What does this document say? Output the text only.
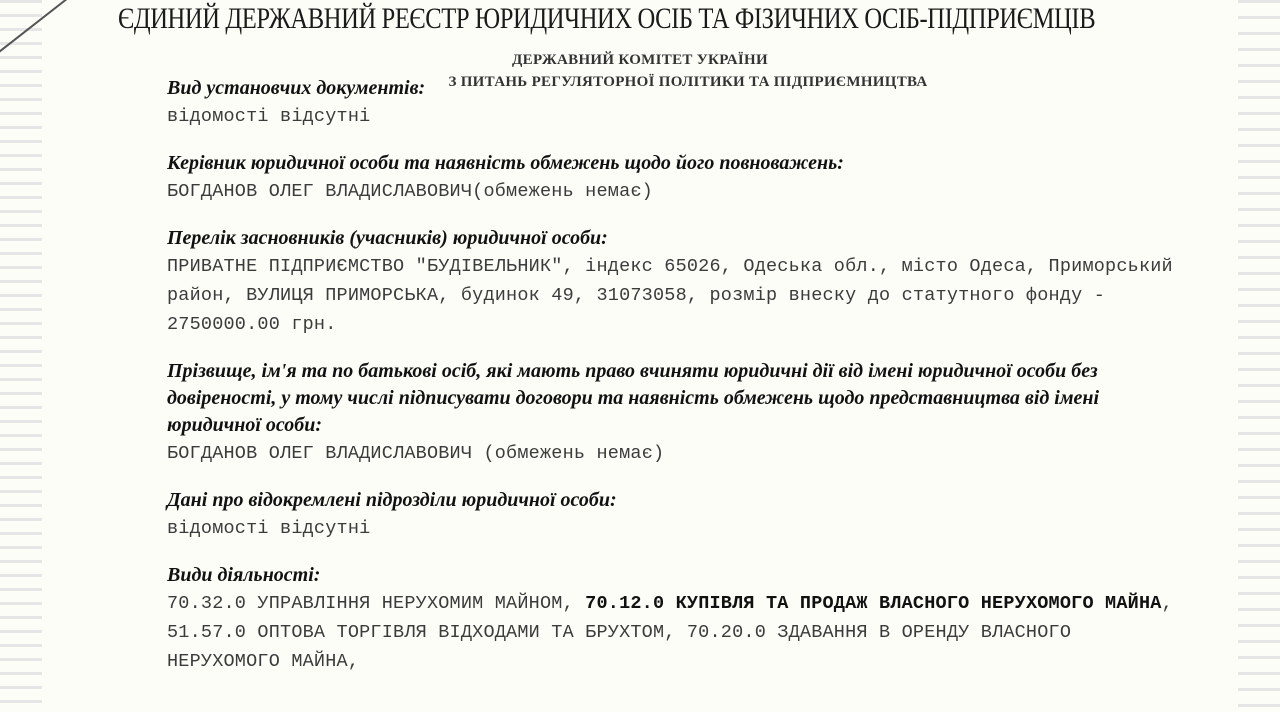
ЄДИНИЙ ДЕРЖАВНИЙ РЕЄСТР ЮРИДИЧНИХ ОСІБ ТА ФІЗИЧНИХ ОСІБ-ПІДПРИЄМЦІВ
ДЕРЖАВНИЙ КОМІТЕТ УКРАЇНИ
З ПИТАНЬ РЕГУЛЯТОРНОЇ ПОЛІТИКИ ТА ПІДПРИЄМНИЦТВА
Вид установчих документів:
відомості відсутні
Керівник юридичної особи та наявність обмежень щодо його повноважень:
БОГДАНОВ ОЛЕГ ВЛАДИСЛАВОВИЧ(обмежень немає)
Перелік засновників (учасників) юридичної особи:
ПРИВАТНЕ ПІДПРИЄМСТВО "БУДІВЕЛЬНИК", індекс 65026, Одеська обл., місто Одеса, Приморський район, ВУЛИЦЯ ПРИМОРСЬКА, будинок 49, 31073058, розмір внеску до статутного фонду - 2750000.00 грн.
Прізвище, ім'я та по батькові осіб, які мають право вчиняти юридичні дії від імені юридичної особи без довіреності, у тому числі підписувати договори та наявність обмежень щодо представництва від імені юридичної особи:
БОГДАНОВ ОЛЕГ ВЛАДИСЛАВОВИЧ (обмежень немає)
Дані про відокремлені підрозділи юридичної особи:
відомості відсутні
Види діяльності:
70.32.0 УПРАВЛІННЯ НЕРУХОМИМ МАЙНОМ, 70.12.0 КУПІВЛЯ ТА ПРОДАЖ ВЛАСНОГО НЕРУХОМОГО МАЙНА, 51.57.0 ОПТОВА ТОРГІВЛЯ ВІДХОДАМИ ТА БРУХТОМ, 70.20.0 ЗДАВАННЯ В ОРЕНДУ ВЛАСНОГО НЕРУХОМОГО МАЙНА,
